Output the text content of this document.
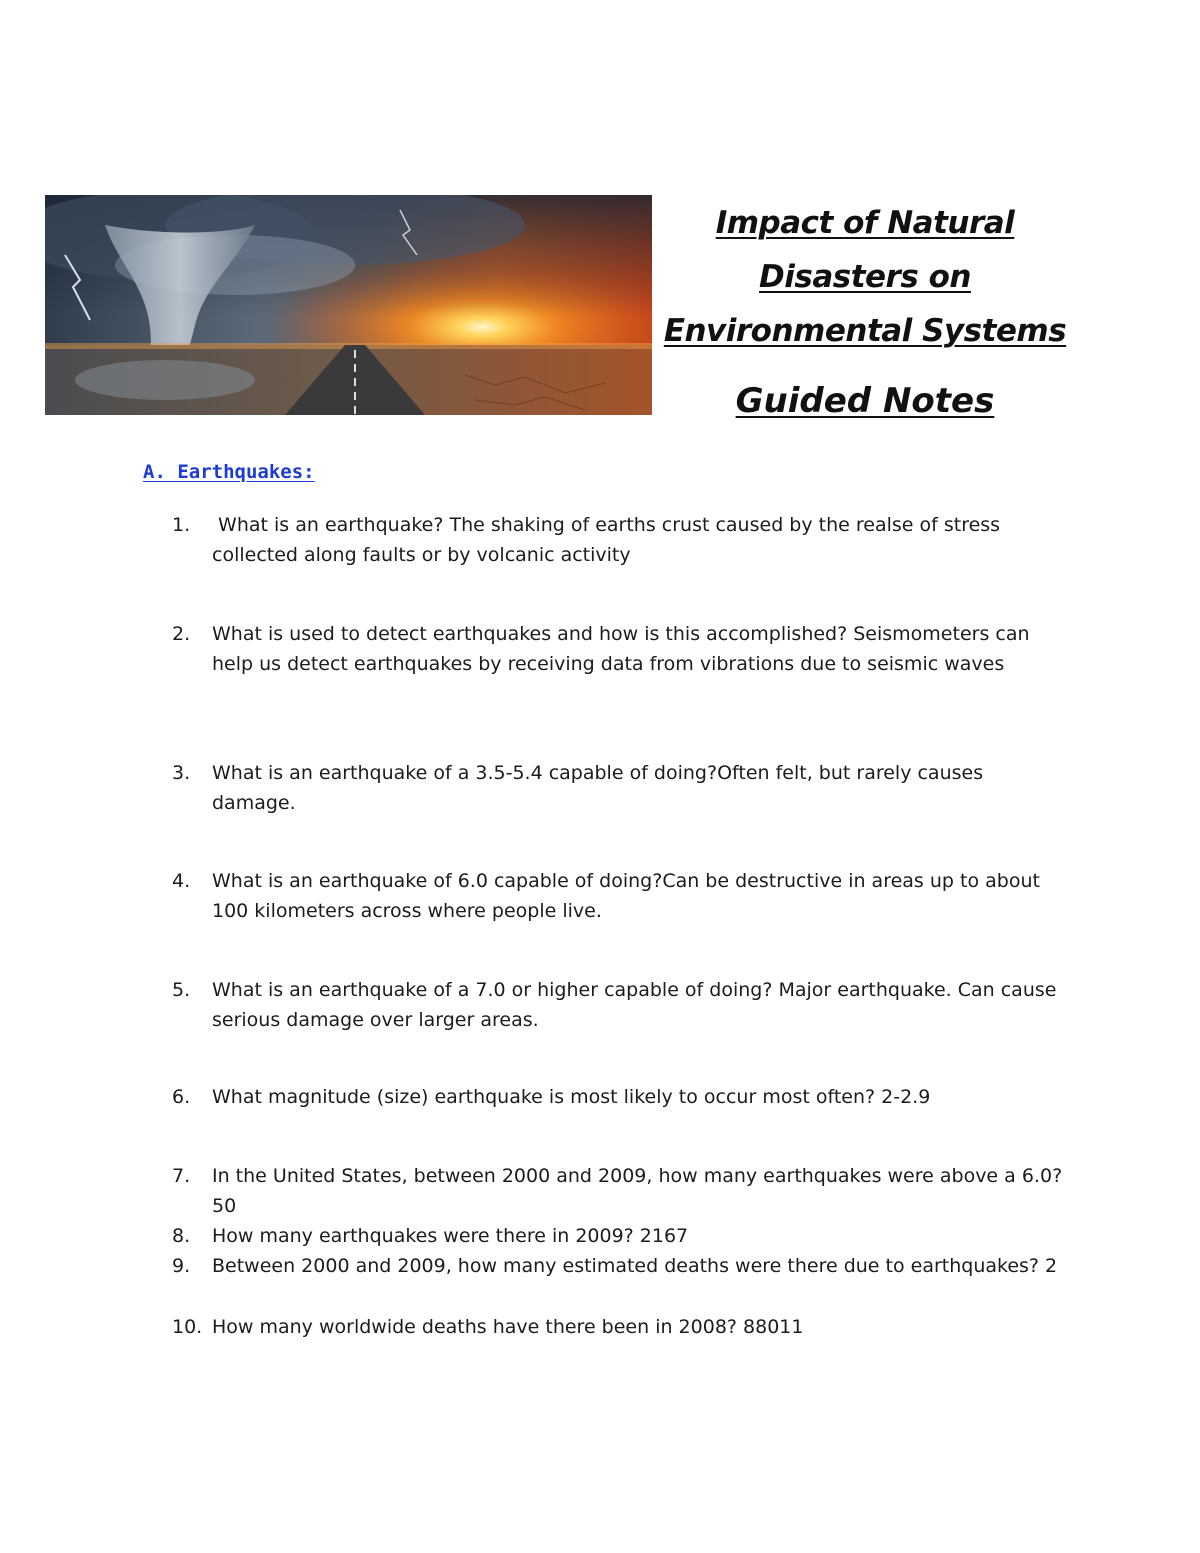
Impact of Natural
Disasters on
Environmental Systems
Guided Notes
A. Earthquakes:
1.	What is an earthquake? The shaking of earths crust caused by the realse of stress collected along faults or by volcanic activity
2.	What is used to detect earthquakes and how is this accomplished? Seismometers can help us detect earthquakes by receiving data from vibrations due to seismic waves
3.	What is an earthquake of a 3.5-5.4 capable of doing?Often felt, but rarely causes damage.
4.	What is an earthquake of 6.0 capable of doing?Can be destructive in areas up to about 100 kilometers across where people live.
5.	What is an earthquake of a 7.0 or higher capable of doing? Major earthquake. Can cause serious damage over larger areas.
6.	What magnitude (size) earthquake is most likely to occur most often? 2-2.9
7.	In the United States, between 2000 and 2009, how many earthquakes were above a 6.0? 50
8.	How many earthquakes were there in 2009? 2167
9.	Between 2000 and 2009, how many estimated deaths were there due to earthquakes? 2
10. How many worldwide deaths have there been in 2008? 88011
